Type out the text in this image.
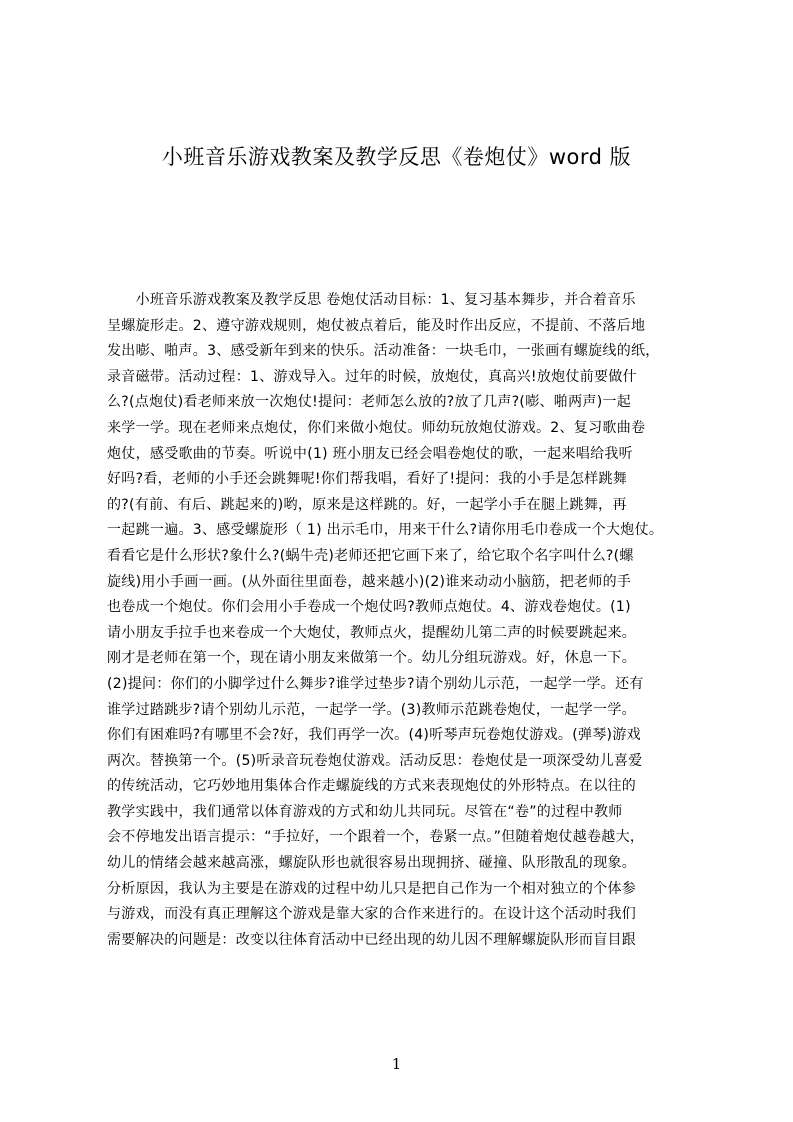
小班音乐游戏教案及教学反思《卷炮仗》word 版
　　小班音乐游戏教案及教学反思 卷炮仗活动目标：1、复习基本舞步，并合着音乐
呈螺旋形走。2、遵守游戏规则，炮仗被点着后，能及时作出反应，不提前、不落后地
发出嘭、啪声。3、感受新年到来的快乐。活动准备：一块毛巾，一张画有螺旋线的纸，
录音磁带。活动过程：1、游戏导入。过年的时候，放炮仗，真高兴!放炮仗前要做什
么?(点炮仗)看老师来放一次炮仗!提问：老师怎么放的?放了几声?(嘭、啪两声)一起
来学一学。现在老师来点炮仗，你们来做小炮仗。师幼玩放炮仗游戏。2、复习歌曲卷
炮仗，感受歌曲的节奏。听说中(1) 班小朋友已经会唱卷炮仗的歌，一起来唱给我听
好吗?看，老师的小手还会跳舞呢!你们帮我唱，看好了!提问：我的小手是怎样跳舞
的?(有前、有后、跳起来的)哟，原来是这样跳的。好，一起学小手在腿上跳舞，再
一起跳一遍。3、感受螺旋形（ 1) 出示毛巾，用来干什么?请你用毛巾卷成一个大炮仗。
看看它是什么形状?象什么?(蜗牛壳)老师还把它画下来了，给它取个名字叫什么?(螺
旋线)用小手画一画。(从外面往里面卷，越来越小)(2)谁来动动小脑筋，把老师的手
也卷成一个炮仗。你们会用小手卷成一个炮仗吗?教师点炮仗。4、游戏卷炮仗。(1)
请小朋友手拉手也来卷成一个大炮仗，教师点火，提醒幼儿第二声的时候要跳起来。
刚才是老师在第一个，现在请小朋友来做第一个。幼儿分组玩游戏。好，休息一下。
(2)提问：你们的小脚学过什么舞步?谁学过垫步?请个别幼儿示范，一起学一学。还有
谁学过踏跳步?请个别幼儿示范，一起学一学。(3)教师示范跳卷炮仗，一起学一学。
你们有困难吗?有哪里不会?好，我们再学一次。(4)听琴声玩卷炮仗游戏。(弹琴)游戏
两次。替换第一个。(5)听录音玩卷炮仗游戏。活动反思：卷炮仗是一项深受幼儿喜爱
的传统活动，它巧妙地用集体合作走螺旋线的方式来表现炮仗的外形特点。在以往的
教学实践中，我们通常以体育游戏的方式和幼儿共同玩。尽管在“卷”的过程中教师
会不停地发出语言提示：“手拉好，一个跟着一个，卷紧一点。”但随着炮仗越卷越大，
幼儿的情绪会越来越高涨，螺旋队形也就很容易出现拥挤、碰撞、队形散乱的现象。
分析原因，我认为主要是在游戏的过程中幼儿只是把自己作为一个相对独立的个体参
与游戏，而没有真正理解这个游戏是靠大家的合作来进行的。在设计这个活动时我们
需要解决的问题是：改变以往体育活动中已经出现的幼儿因不理解螺旋队形而盲目跟
1
